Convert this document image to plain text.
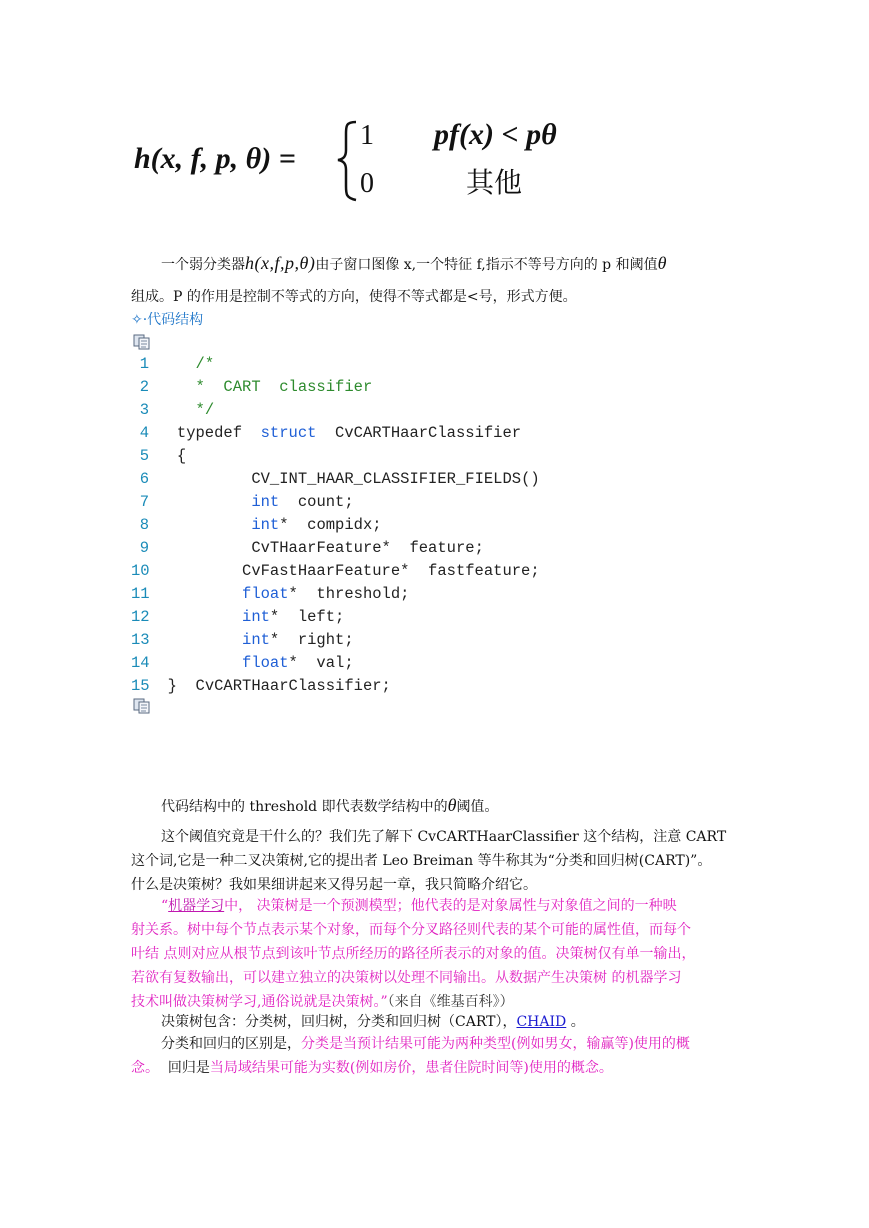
h(x, f, p, θ) =
1 pf(x) < pθ
0	其他
一个弱分类器h(x,f,p,θ)由子窗口图像 x,一个特征 f,指示不等号方向的 p 和阈值θ
组成。P 的作用是控制不等式的方向，使得不等式都是<号，形式方便。
✧·代码结构
1	/*
2	*  CART  classifier
3	*/
4 typedef  struct  CvCARTHaarClassifier
5 {
6	CV_INT_HAAR_CLASSIFIER_FIELDS()
7	int  count;
8	int*  compidx;
9	CvTHaarFeature*  feature;
10	CvFastHaarFeature*  fastfeature;
11	float*  threshold;
12	int*  left;
13	int*  right;
14	float*  val;
15 }  CvCARTHaarClassifier;
代码结构中的 threshold 即代表数学结构中的θ阈值。
这个阈值究竟是干什么的？我们先了解下 CvCARTHaarClassifier 这个结构，注意 CART
这个词,它是一种二叉决策树,它的提出者 Leo Breiman 等牛称其为“分类和回归树(CART)”。
什么是决策树？我如果细讲起来又得另起一章，我只简略介绍它。
“机器学习中， 决策树是一个预测模型；他代表的是对象属性与对象值之间的一种映
射关系。树中每个节点表示某个对象，而每个分叉路径则代表的某个可能的属性值，而每个
叶结 点则对应从根节点到该叶节点所经历的路径所表示的对象的值。决策树仅有单一输出，
若欲有复数输出，可以建立独立的决策树以处理不同输出。从数据产生决策树 的机器学习
技术叫做决策树学习,通俗说就是决策树。”（来自《维基百科》）
决策树包含：分类树，回归树，分类和回归树（CART），CHAID 。
分类和回归的区别是，分类是当预计结果可能为两种类型(例如男女，输赢等)使用的概
念。  回归是当局域结果可能为实数(例如房价，患者住院时间等)使用的概念。
